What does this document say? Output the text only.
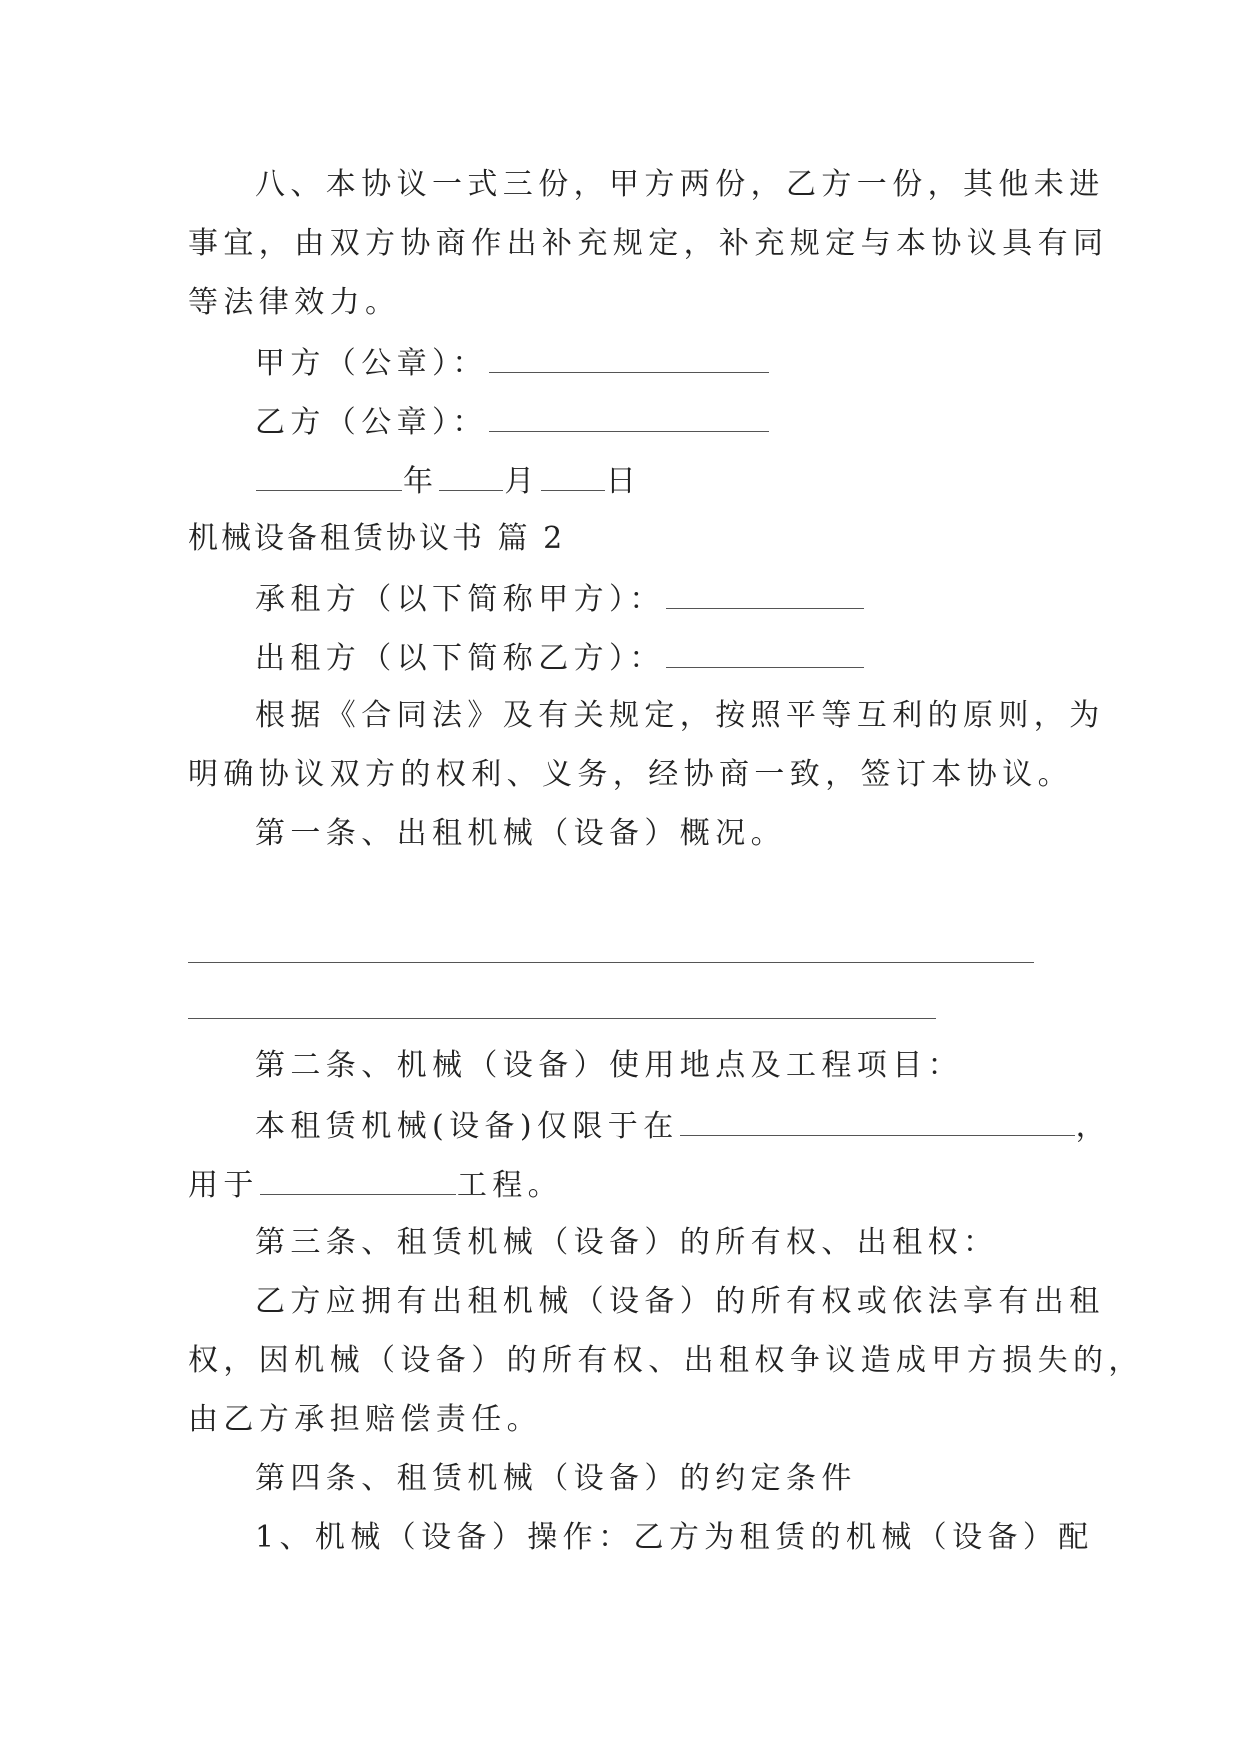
八、本协议一式三份，甲方两份，乙方一份，其他未进
事宜，由双方协商作出补充规定，补充规定与本协议具有同
等法律效力。
甲方（公章）：
乙方（公章）：
年 月 日
机械设备租赁协议书 篇 2
承租方（以下简称甲方）：
出租方（以下简称乙方）：
根据《合同法》及有关规定，按照平等互利的原则，为
明确协议双方的权利、义务，经协商一致，签订本协议。
第一条、出租机械（设备）概况。
第二条、机械（设备）使用地点及工程项目：
本租赁机械(设备)仅限于在	，
用于	工程。
第三条、租赁机械（设备）的所有权、出租权：
乙方应拥有出租机械（设备）的所有权或依法享有出租
权，因机械（设备）的所有权、出租权争议造成甲方损失的，
由乙方承担赔偿责任。
第四条、租赁机械（设备）的约定条件
1、机械（设备）操作：乙方为租赁的机械（设备）配
